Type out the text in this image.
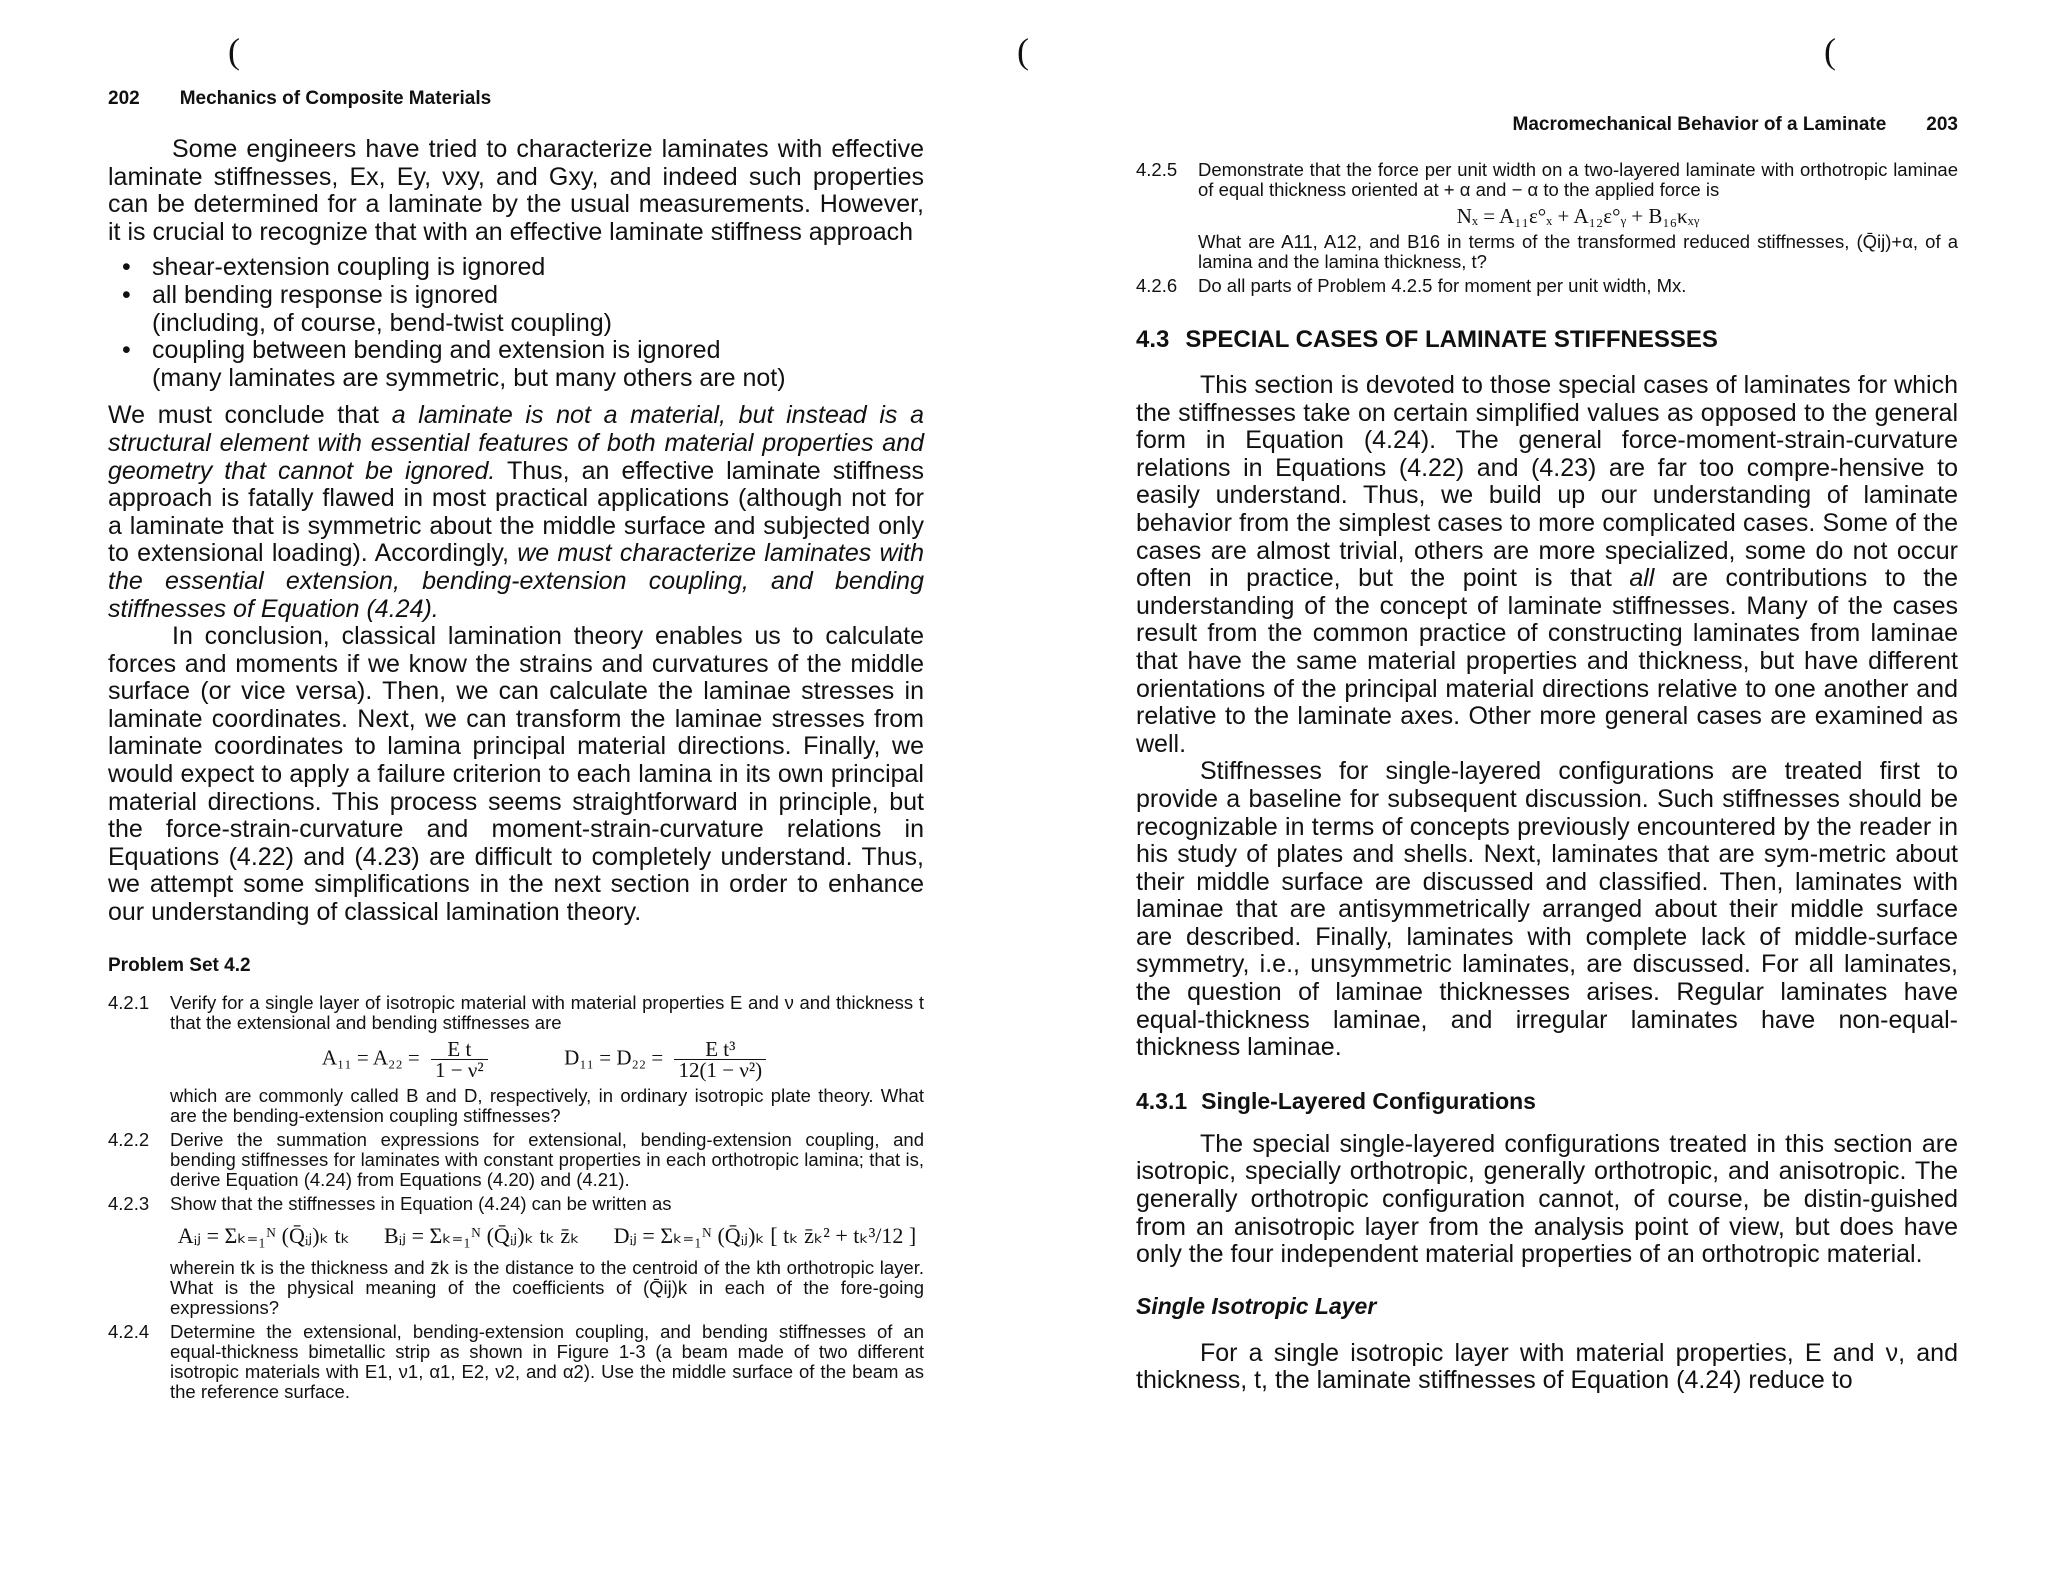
(
202 Mechanics of Composite Materials

Some engineers have tried to characterize laminates with effective laminate stiffnesses, Ex, Ey, νxy, and Gxy, and indeed such properties can be determined for a laminate by the usual measurements. However, it is crucial to recognize that with an effective laminate stiffness approach

• shear-extension coupling is ignored
• all bending response is ignored
(including, of course, bend-twist coupling)
• coupling between bending and extension is ignored
(many laminates are symmetric, but many others are not)

We must conclude that a laminate is not a material, but instead is a structural element with essential features of both material properties and geometry that cannot be ignored. Thus, an effective laminate stiffness approach is fatally flawed in most practical applications (although not for a laminate that is symmetric about the middle surface and subjected only to extensional loading). Accordingly, we must characterize laminates with the essential extension, bending-extension coupling, and bending stiffnesses of Equation (4.24).

In conclusion, classical lamination theory enables us to calculate forces and moments if we know the strains and curvatures of the middle surface (or vice versa). Then, we can calculate the laminae stresses in laminate coordinates. Next, we can transform the laminae stresses from laminate coordinates to lamina principal material directions. Finally, we would expect to apply a failure criterion to each lamina in its own principal material directions. This process seems straightforward in principle, but the force-strain-curvature and moment-strain-curvature relations in Equations (4.22) and (4.23) are difficult to completely understand. Thus, we attempt some simplifications in the next section in order to enhance our understanding of classical lamination theory.

Problem Set 4.2
4.2.1	Verify for a single layer of isotropic material with material properties E and ν and thickness t that the extensional and bending stiffnesses are
$A_{11} = A_{22} = \frac{\text{E t}}{\text{1 − ν²}}$	$D_{11} = D_{22} = \frac{\text{E t³}}{\text{12(1 − ν²)}}$
which are commonly called B and D, respectively, in ordinary isotropic plate theory. What are the bending-extension coupling stiffnesses?
4.2.2	Derive the summation expressions for extensional, bending-extension coupling, and bending stiffnesses for laminates with constant properties in each orthotropic lamina; that is, derive Equation (4.24) from Equations (4.20) and (4.21).
4.2.3	Show that the stiffnesses in Equation (4.24) can be written as
Aᵢⱼ = Σₖ₌₁ᴺ (Q̄ᵢⱼ)ₖ tₖ Bᵢⱼ = Σₖ₌₁ᴺ (Q̄ᵢⱼ)ₖ tₖ z̄ₖ Dᵢⱼ = Σₖ₌₁ᴺ (Q̄ᵢⱼ)ₖ [ tₖ z̄ₖ² + tₖ³/12 ]
wherein tk is the thickness and z̄k is the distance to the centroid of the kth orthotropic layer. What is the physical meaning of the coefficients of (Q̄ij)k in each of the fore-going expressions?
4.2.4	Determine the extensional, bending-extension coupling, and bending stiffnesses of an equal-thickness bimetallic strip as shown in Figure 1-3 (a beam made of two different isotropic materials with E1, ν1, α1, E2, ν2, and α2). Use the middle surface of the beam as the reference surface.
(	(
Macromechanical Behavior of a Laminate 203
4.2.5	Demonstrate that the force per unit width on a two-layered laminate with orthotropic laminae of equal thickness oriented at + α and − α to the applied force is
Nₓ = A₁₁ε°ₓ + A₁₂ε°ᵧ + B₁₆κₓᵧ
What are A11, A12, and B16 in terms of the transformed reduced stiffnesses, (Q̄ij)+α, of a lamina and the lamina thickness, t?
4.2.6	Do all parts of Problem 4.2.5 for moment per unit width, Mx.
4.3 SPECIAL CASES OF LAMINATE STIFFNESSES

This section is devoted to those special cases of laminates for which the stiffnesses take on certain simplified values as opposed to the general form in Equation (4.24). The general force-moment-strain-curvature relations in Equations (4.22) and (4.23) are far too compre-hensive to easily understand. Thus, we build up our understanding of laminate behavior from the simplest cases to more complicated cases. Some of the cases are almost trivial, others are more specialized, some do not occur often in practice, but the point is that all are contributions to the understanding of the concept of laminate stiffnesses. Many of the cases result from the common practice of constructing laminates from laminae that have the same material properties and thickness, but have different orientations of the principal material directions relative to one another and relative to the laminate axes. Other more general cases are examined as well.

Stiffnesses for single-layered configurations are treated first to provide a baseline for subsequent discussion. Such stiffnesses should be recognizable in terms of concepts previously encountered by the reader in his study of plates and shells. Next, laminates that are sym-metric about their middle surface are discussed and classified. Then, laminates with laminae that are antisymmetrically arranged about their middle surface are described. Finally, laminates with complete lack of middle-surface symmetry, i.e., unsymmetric laminates, are discussed. For all laminates, the question of laminae thicknesses arises. Regular laminates have equal-thickness laminae, and irregular laminates have non-equal-thickness laminae.

4.3.1 Single-Layered Configurations

The special single-layered configurations treated in this section are isotropic, specially orthotropic, generally orthotropic, and anisotropic. The generally orthotropic configuration cannot, of course, be distin-guished from an anisotropic layer from the analysis point of view, but does have only the four independent material properties of an orthotropic material.

Single Isotropic Layer

For a single isotropic layer with material properties, E and ν, and thickness, t, the laminate stiffnesses of Equation (4.24) reduce to
